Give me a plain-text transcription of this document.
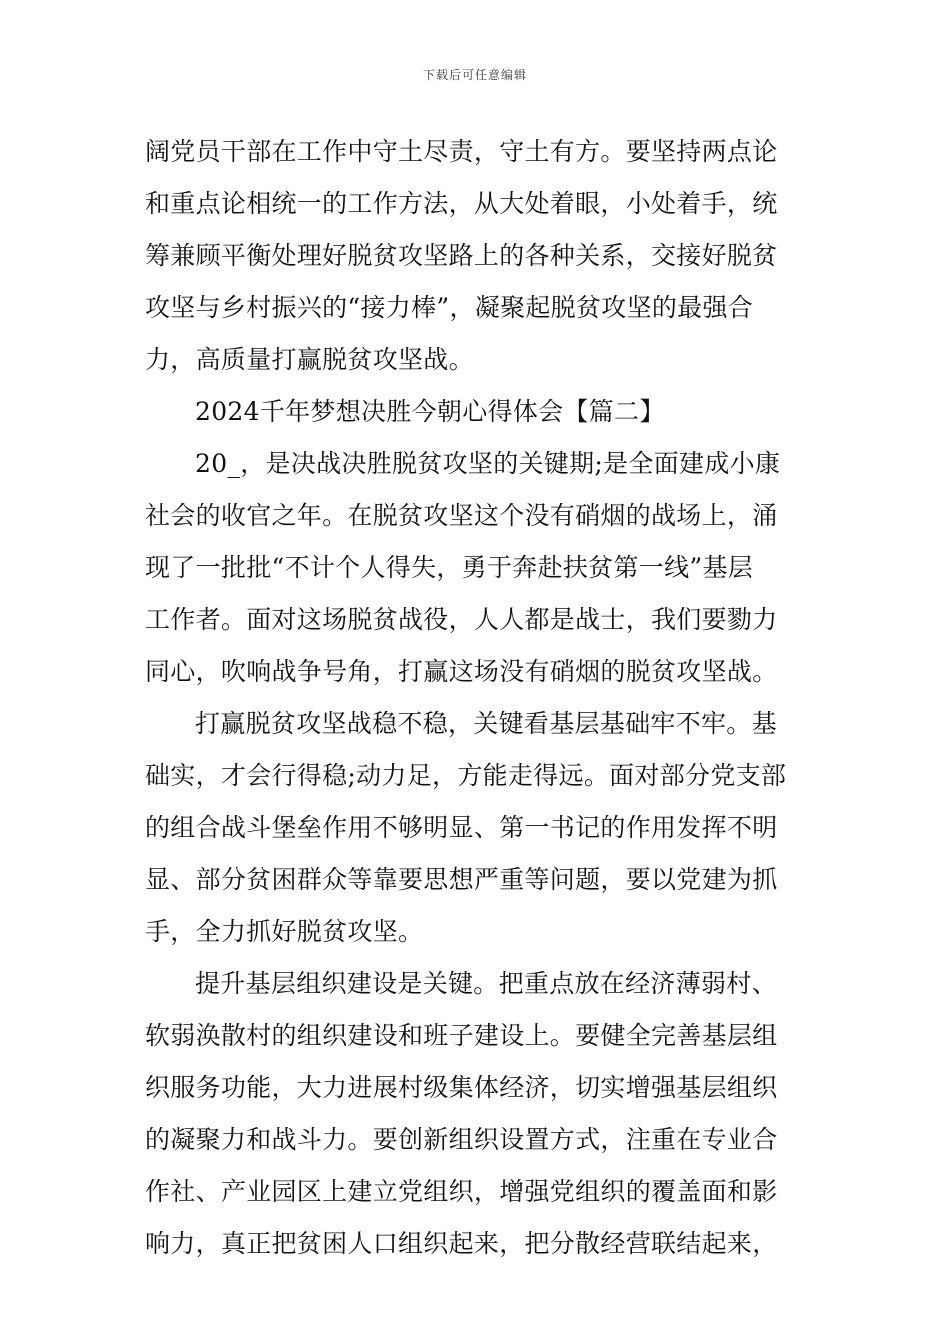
下载后可任意编辑
阔党员干部在工作中守土尽责，守土有方。要坚持两点论
和重点论相统一的工作方法，从大处着眼，小处着手，统
筹兼顾平衡处理好脱贫攻坚路上的各种关系，交接好脱贫
攻坚与乡村振兴的“接力棒”，凝聚起脱贫攻坚的最强合
力，高质量打赢脱贫攻坚战。
2024千年梦想决胜今朝心得体会【篇二】
20_，是决战决胜脱贫攻坚的关键期;是全面建成小康
社会的收官之年。在脱贫攻坚这个没有硝烟的战场上，涌
现了一批批“不计个人得失，勇于奔赴扶贫第一线”基层
工作者。面对这场脱贫战役，人人都是战士，我们要勠力
同心，吹响战争号角，打赢这场没有硝烟的脱贫攻坚战。
打赢脱贫攻坚战稳不稳，关键看基层基础牢不牢。基
础实，才会行得稳;动力足，方能走得远。面对部分党支部
的组合战斗堡垒作用不够明显、第一书记的作用发挥不明
显、部分贫困群众等靠要思想严重等问题，要以党建为抓
手，全力抓好脱贫攻坚。
提升基层组织建设是关键。把重点放在经济薄弱村、
软弱涣散村的组织建设和班子建设上。要健全完善基层组
织服务功能，大力进展村级集体经济，切实增强基层组织
的凝聚力和战斗力。要创新组织设置方式，注重在专业合
作社、产业园区上建立党组织，增强党组织的覆盖面和影
响力，真正把贫困人口组织起来，把分散经营联结起来，
